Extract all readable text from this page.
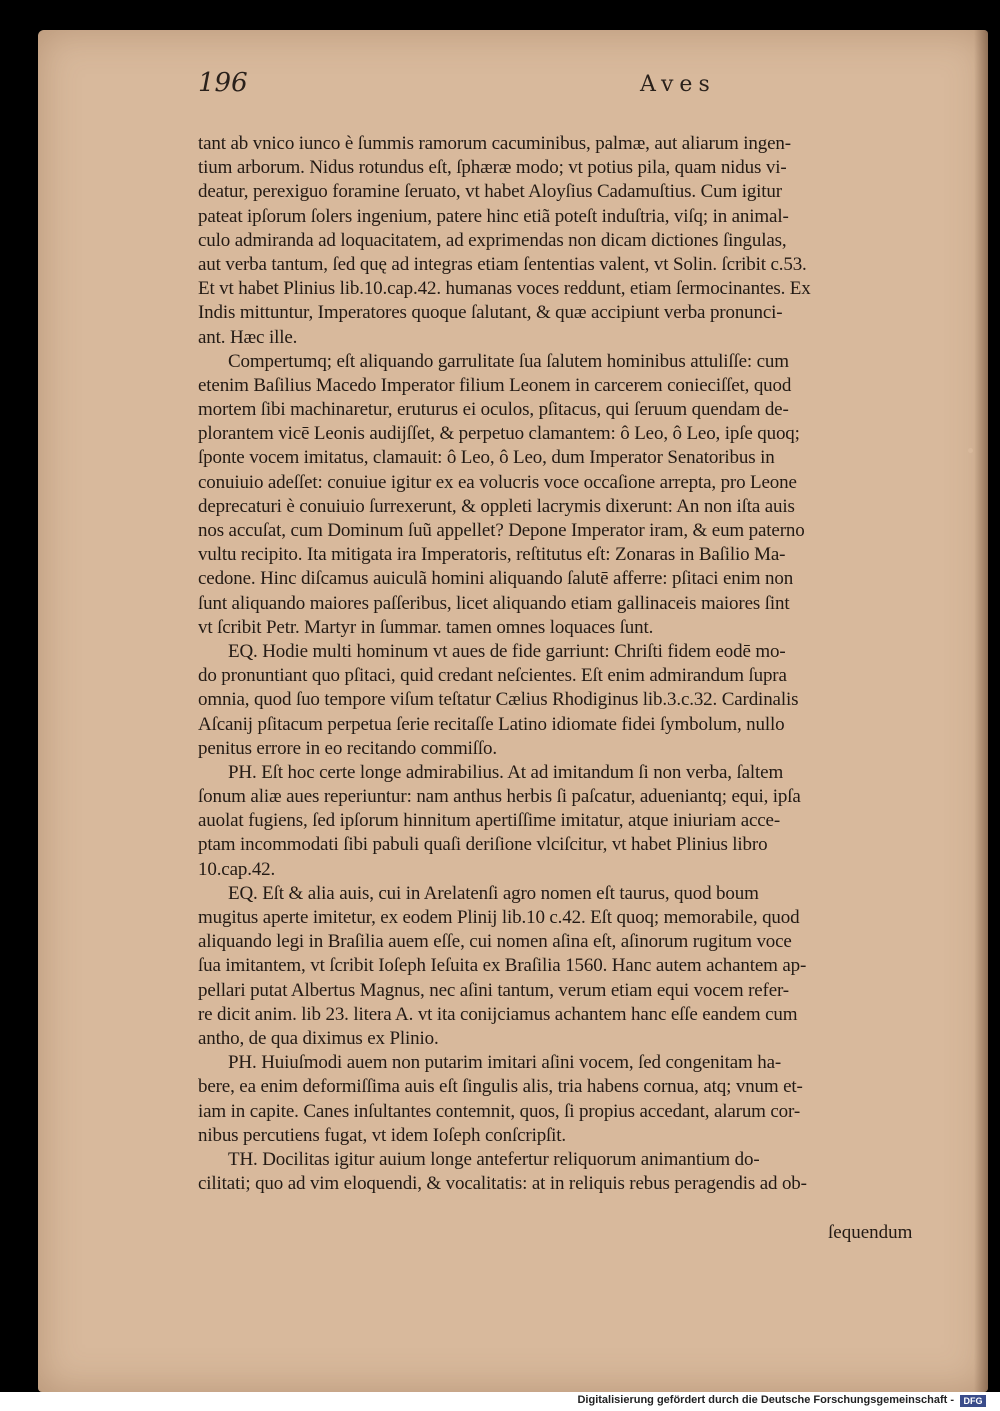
196	Aves
tant ab vnico iunco è ſummis ramorum cacuminibus, palmæ, aut aliarum ingen-
tium arborum. Nidus rotundus eſt, ſphæræ modo; vt potius pila, quam nidus vi-
deatur, perexiguo foramine ſeruato, vt habet Aloyſius Cadamuſtius. Cum igitur
pateat ipſorum ſolers ingenium, patere hinc etiã poteſt induſtria, viſq; in animal-
culo admiranda ad loquacitatem, ad exprimendas non dicam dictiones ſingulas,
aut verba tantum, ſed quę ad integras etiam ſententias valent, vt Solin. ſcribit c.53.
Et vt habet Plinius lib.10.cap.42. humanas voces reddunt, etiam ſermocinantes. Ex
Indis mittuntur, Imperatores quoque ſalutant, & quæ accipiunt verba pronunci-
ant. Hæc ille.
Compertumq; eſt aliquando garrulitate ſua ſalutem hominibus attuliſſe: cum
etenim Baſilius Macedo Imperator filium Leonem in carcerem conieciſſet, quod
mortem ſibi machinaretur, eruturus ei oculos, pſitacus, qui ſeruum quendam de-
plorantem vicē Leonis audijſſet, & perpetuo clamantem: ô Leo, ô Leo, ipſe quoq;
ſponte vocem imitatus, clamauit: ô Leo, ô Leo, dum Imperator Senatoribus in
conuiuio adeſſet: conuiue igitur ex ea volucris voce occaſione arrepta, pro Leone
deprecaturi è conuiuio ſurrexerunt, & oppleti lacrymis dixerunt: An non iſta auis
nos accuſat, cum Dominum ſuũ appellet? Depone Imperator iram, & eum paterno
vultu recipito. Ita mitigata ira Imperatoris, reſtitutus eſt: Zonaras in Baſilio Ma-
cedone. Hinc diſcamus auiculã homini aliquando ſalutē afferre: pſitaci enim non
ſunt aliquando maiores paſſeribus, licet aliquando etiam gallinaceis maiores ſint
vt ſcribit Petr. Martyr in ſummar. tamen omnes loquaces ſunt.
EQ. Hodie multi hominum vt aues de fide garriunt: Chriſti fidem eodē mo-
do pronuntiant quo pſitaci, quid credant neſcientes. Eſt enim admirandum ſupra
omnia, quod ſuo tempore viſum teſtatur Cælius Rhodiginus lib.3.c.32. Cardinalis
Aſcanij pſitacum perpetua ſerie recitaſſe Latino idiomate fidei ſymbolum, nullo
penitus errore in eo recitando commiſſo.
PH. Eſt hoc certe longe admirabilius. At ad imitandum ſi non verba, ſaltem
ſonum aliæ aues reperiuntur: nam anthus herbis ſi paſcatur, adueniantq; equi, ipſa
auolat fugiens, ſed ipſorum hinnitum apertiſſime imitatur, atque iniuriam acce-
ptam incommodati ſibi pabuli quaſi deriſione vlciſcitur, vt habet Plinius libro
10.cap.42.
EQ. Eſt & alia auis, cui in Arelatenſi agro nomen eſt taurus, quod boum
mugitus aperte imitetur, ex eodem Plinij lib.10 c.42. Eſt quoq; memorabile, quod
aliquando legi in Braſilia auem eſſe, cui nomen aſina eſt, aſinorum rugitum voce
ſua imitantem, vt ſcribit Ioſeph Ieſuita ex Braſilia 1560. Hanc autem achantem ap-
pellari putat Albertus Magnus, nec aſini tantum, verum etiam equi vocem refer-
re dicit anim. lib 23. litera A. vt ita conijciamus achantem hanc eſſe eandem cum
antho, de qua diximus ex Plinio.
PH. Huiuſmodi auem non putarim imitari aſini vocem, ſed congenitam ha-
bere, ea enim deformiſſima auis eſt ſingulis alis, tria habens cornua, atq; vnum et-
iam in capite. Canes inſultantes contemnit, quos, ſi propius accedant, alarum cor-
nibus percutiens fugat, vt idem Ioſeph conſcripſit.
TH. Docilitas igitur auium longe antefertur reliquorum animantium do-
cilitati; quo ad vim eloquendi, & vocalitatis: at in reliquis rebus peragendis ad ob-
ſequendum
Digitalisierung gefördert durch die Deutsche Forschungsgemeinschaft -	DFG
